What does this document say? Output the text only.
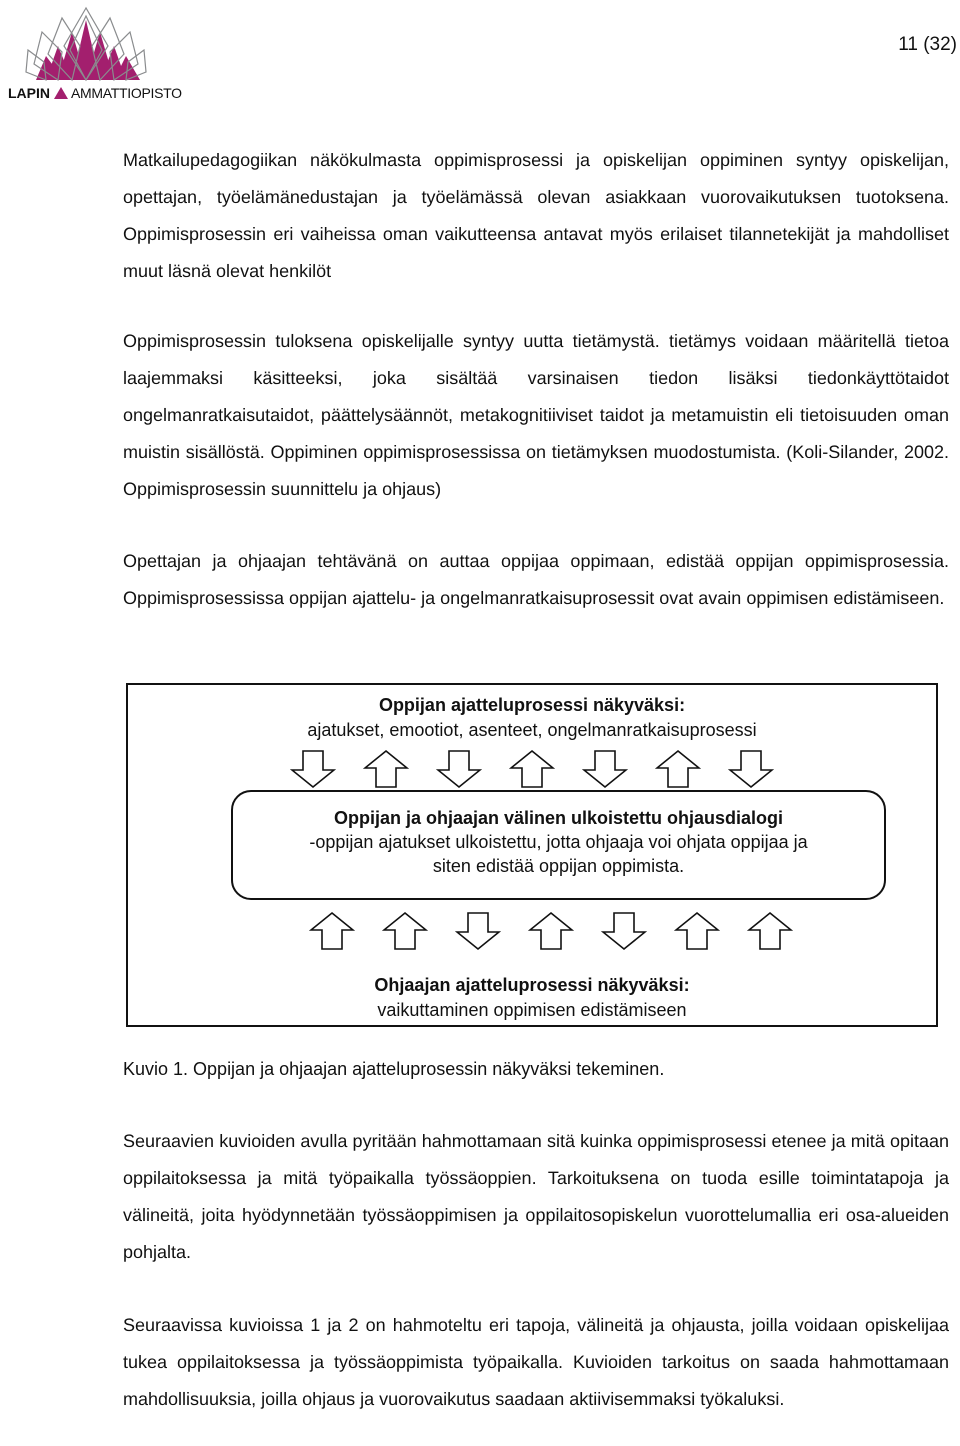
LAPIN AMMATTIOPISTO
11 (32)

Matkailupedagogiikan näkökulmasta oppimisprosessi ja opiskelijan oppiminen syntyy opiskelijan, opettajan, työelämänedustajan ja työelämässä olevan asiakkaan vuorovaikutuksen tuotoksena. Oppimisprosessin eri vaiheissa oman vaikutteensa antavat myös erilaiset tilannetekijät ja mahdolliset muut läsnä olevat henkilöt

Oppimisprosessin tuloksena opiskelijalle syntyy uutta tietämystä. tietämys voidaan määritellä tietoa laajemmaksi käsitteeksi, joka sisältää varsinaisen tiedon lisäksi tiedonkäyttötaidot ongelmanratkaisutaidot, päättelysäännöt, metakognitiiviset taidot ja metamuistin eli tietoisuuden oman muistin sisällöstä. Oppiminen oppimisprosessissa on tietämyksen muodostumista. (Koli-Silander, 2002. Oppimisprosessin suunnittelu ja ohjaus)

Opettajan ja ohjaajan tehtävänä on auttaa oppijaa oppimaan, edistää oppijan oppimisprosessia. Oppimisprosessissa oppijan ajattelu- ja ongelmanratkaisuprosessit ovat avain oppimisen edistämiseen.

Oppijan ajatteluprosessi näkyväksi:

ajatukset, emootiot, asenteet, ongelmanratkaisuprosessi

Oppijan ja ohjaajan välinen ulkoistettu ohjausdialogi

-oppijan ajatukset ulkoistettu, jotta ohjaaja voi ohjata oppijaa ja

siten edistää oppijan oppimista.

Ohjaajan ajatteluprosessi näkyväksi:

vaikuttaminen oppimisen edistämiseen

Kuvio 1. Oppijan ja ohjaajan ajatteluprosessin näkyväksi tekeminen.

Seuraavien kuvioiden avulla pyritään hahmottamaan sitä kuinka oppimisprosessi etenee ja mitä opitaan oppilaitoksessa ja mitä työpaikalla työssäoppien. Tarkoituksena on tuoda esille toimintatapoja ja välineitä, joita hyödynnetään työssäoppimisen ja oppilaitosopiskelun vuorottelumallia eri osa-alueiden pohjalta.

Seuraavissa kuvioissa 1 ja 2 on hahmoteltu eri tapoja, välineitä ja ohjausta, joilla voidaan opiskelijaa tukea oppilaitoksessa ja työssäoppimista työpaikalla. Kuvioiden tarkoitus on saada hahmottamaan mahdollisuuksia, joilla ohjaus ja vuorovaikutus saadaan aktiivisemmaksi työkaluksi.
